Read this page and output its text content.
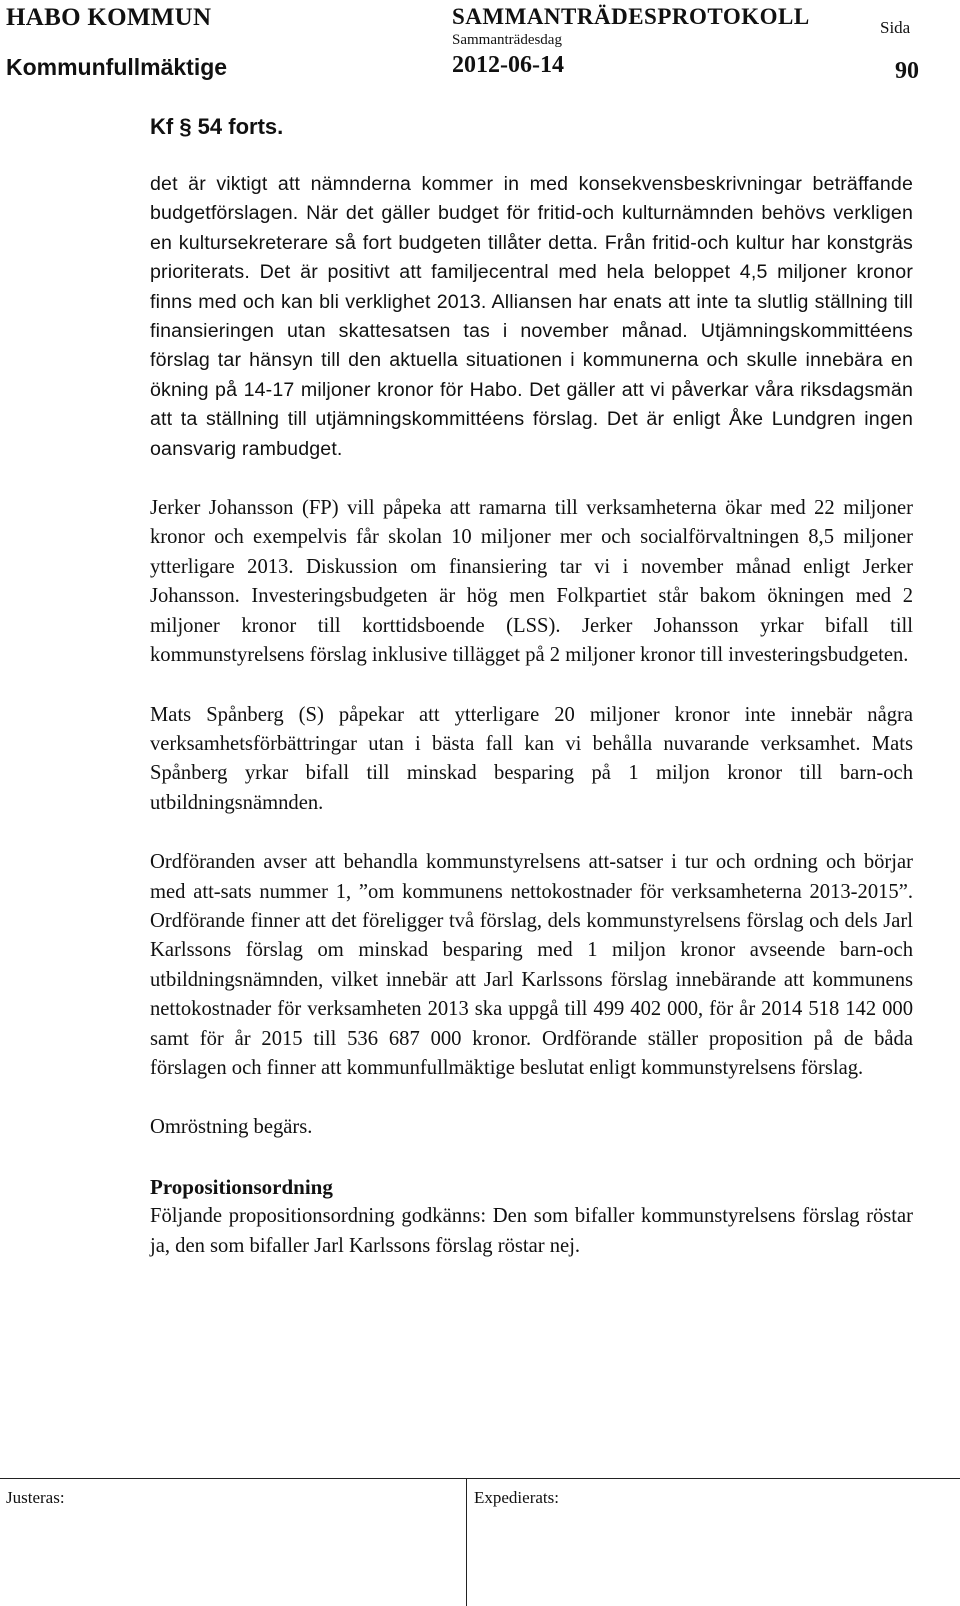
HABO KOMMUN
Kommunfullmäktige
SAMMANTRÄDESPROTOKOLL
Sammanträdesdag
2012-06-14
Sida
90
Kf § 54 forts.

det är viktigt att nämnderna kommer in med konsekvensbeskrivningar beträffande budgetförslagen. När det gäller budget för fritid-och kulturnämnden behövs verkligen en kultursekreterare så fort budgeten tillåter detta. Från fritid-och kultur har konstgräs prioriterats. Det är positivt att familjecentral med hela beloppet 4,5 miljoner kronor finns med och kan bli verklighet 2013. Alliansen har enats att inte ta slutlig ställning till finansieringen utan skattesatsen tas i november månad. Utjämningskommittéens förslag tar hänsyn till den aktuella situationen i kommunerna och skulle innebära en ökning på 14-17 miljoner kronor för Habo. Det gäller att vi påverkar våra riksdagsmän att ta ställning till utjämningskommittéens förslag. Det är enligt Åke Lundgren ingen oansvarig rambudget.

Jerker Johansson (FP) vill påpeka att ramarna till verksamheterna ökar med 22 miljoner kronor och exempelvis får skolan 10 miljoner mer och socialförvaltningen 8,5 miljoner ytterligare 2013. Diskussion om finansiering tar vi i november månad enligt Jerker Johansson. Investeringsbudgeten är hög men Folkpartiet står bakom ökningen med 2 miljoner kronor till korttidsboende (LSS). Jerker Johansson yrkar bifall till kommunstyrelsens förslag inklusive tillägget på 2 miljoner kronor till investeringsbudgeten.

Mats Spånberg (S) påpekar att ytterligare 20 miljoner kronor inte innebär några verksamhetsförbättringar utan i bästa fall kan vi behålla nuvarande verksamhet. Mats Spånberg yrkar bifall till minskad besparing på 1 miljon kronor till barn-och utbildningsnämnden.

Ordföranden avser att behandla kommunstyrelsens att-satser i tur och ordning och börjar med att-sats nummer 1, ”om kommunens nettokostnader för verksamheterna 2013-2015”. Ordförande finner att det föreligger två förslag, dels kommunstyrelsens förslag och dels Jarl Karlssons förslag om minskad besparing med 1 miljon kronor avseende barn-och utbildningsnämnden, vilket innebär att Jarl Karlssons förslag innebärande att kommunens nettokostnader för verksamheten 2013 ska uppgå till 499 402 000, för år 2014 518 142 000 samt för år 2015 till 536 687 000 kronor. Ordförande ställer proposition på de båda förslagen och finner att kommunfullmäktige beslutat enligt kommunstyrelsens förslag.

Omröstning begärs.

Propositionsordning

Följande propositionsordning godkänns: Den som bifaller kommunstyrelsens förslag röstar ja, den som bifaller Jarl Karlssons förslag röstar nej.

Justeras:	Expedierats:
